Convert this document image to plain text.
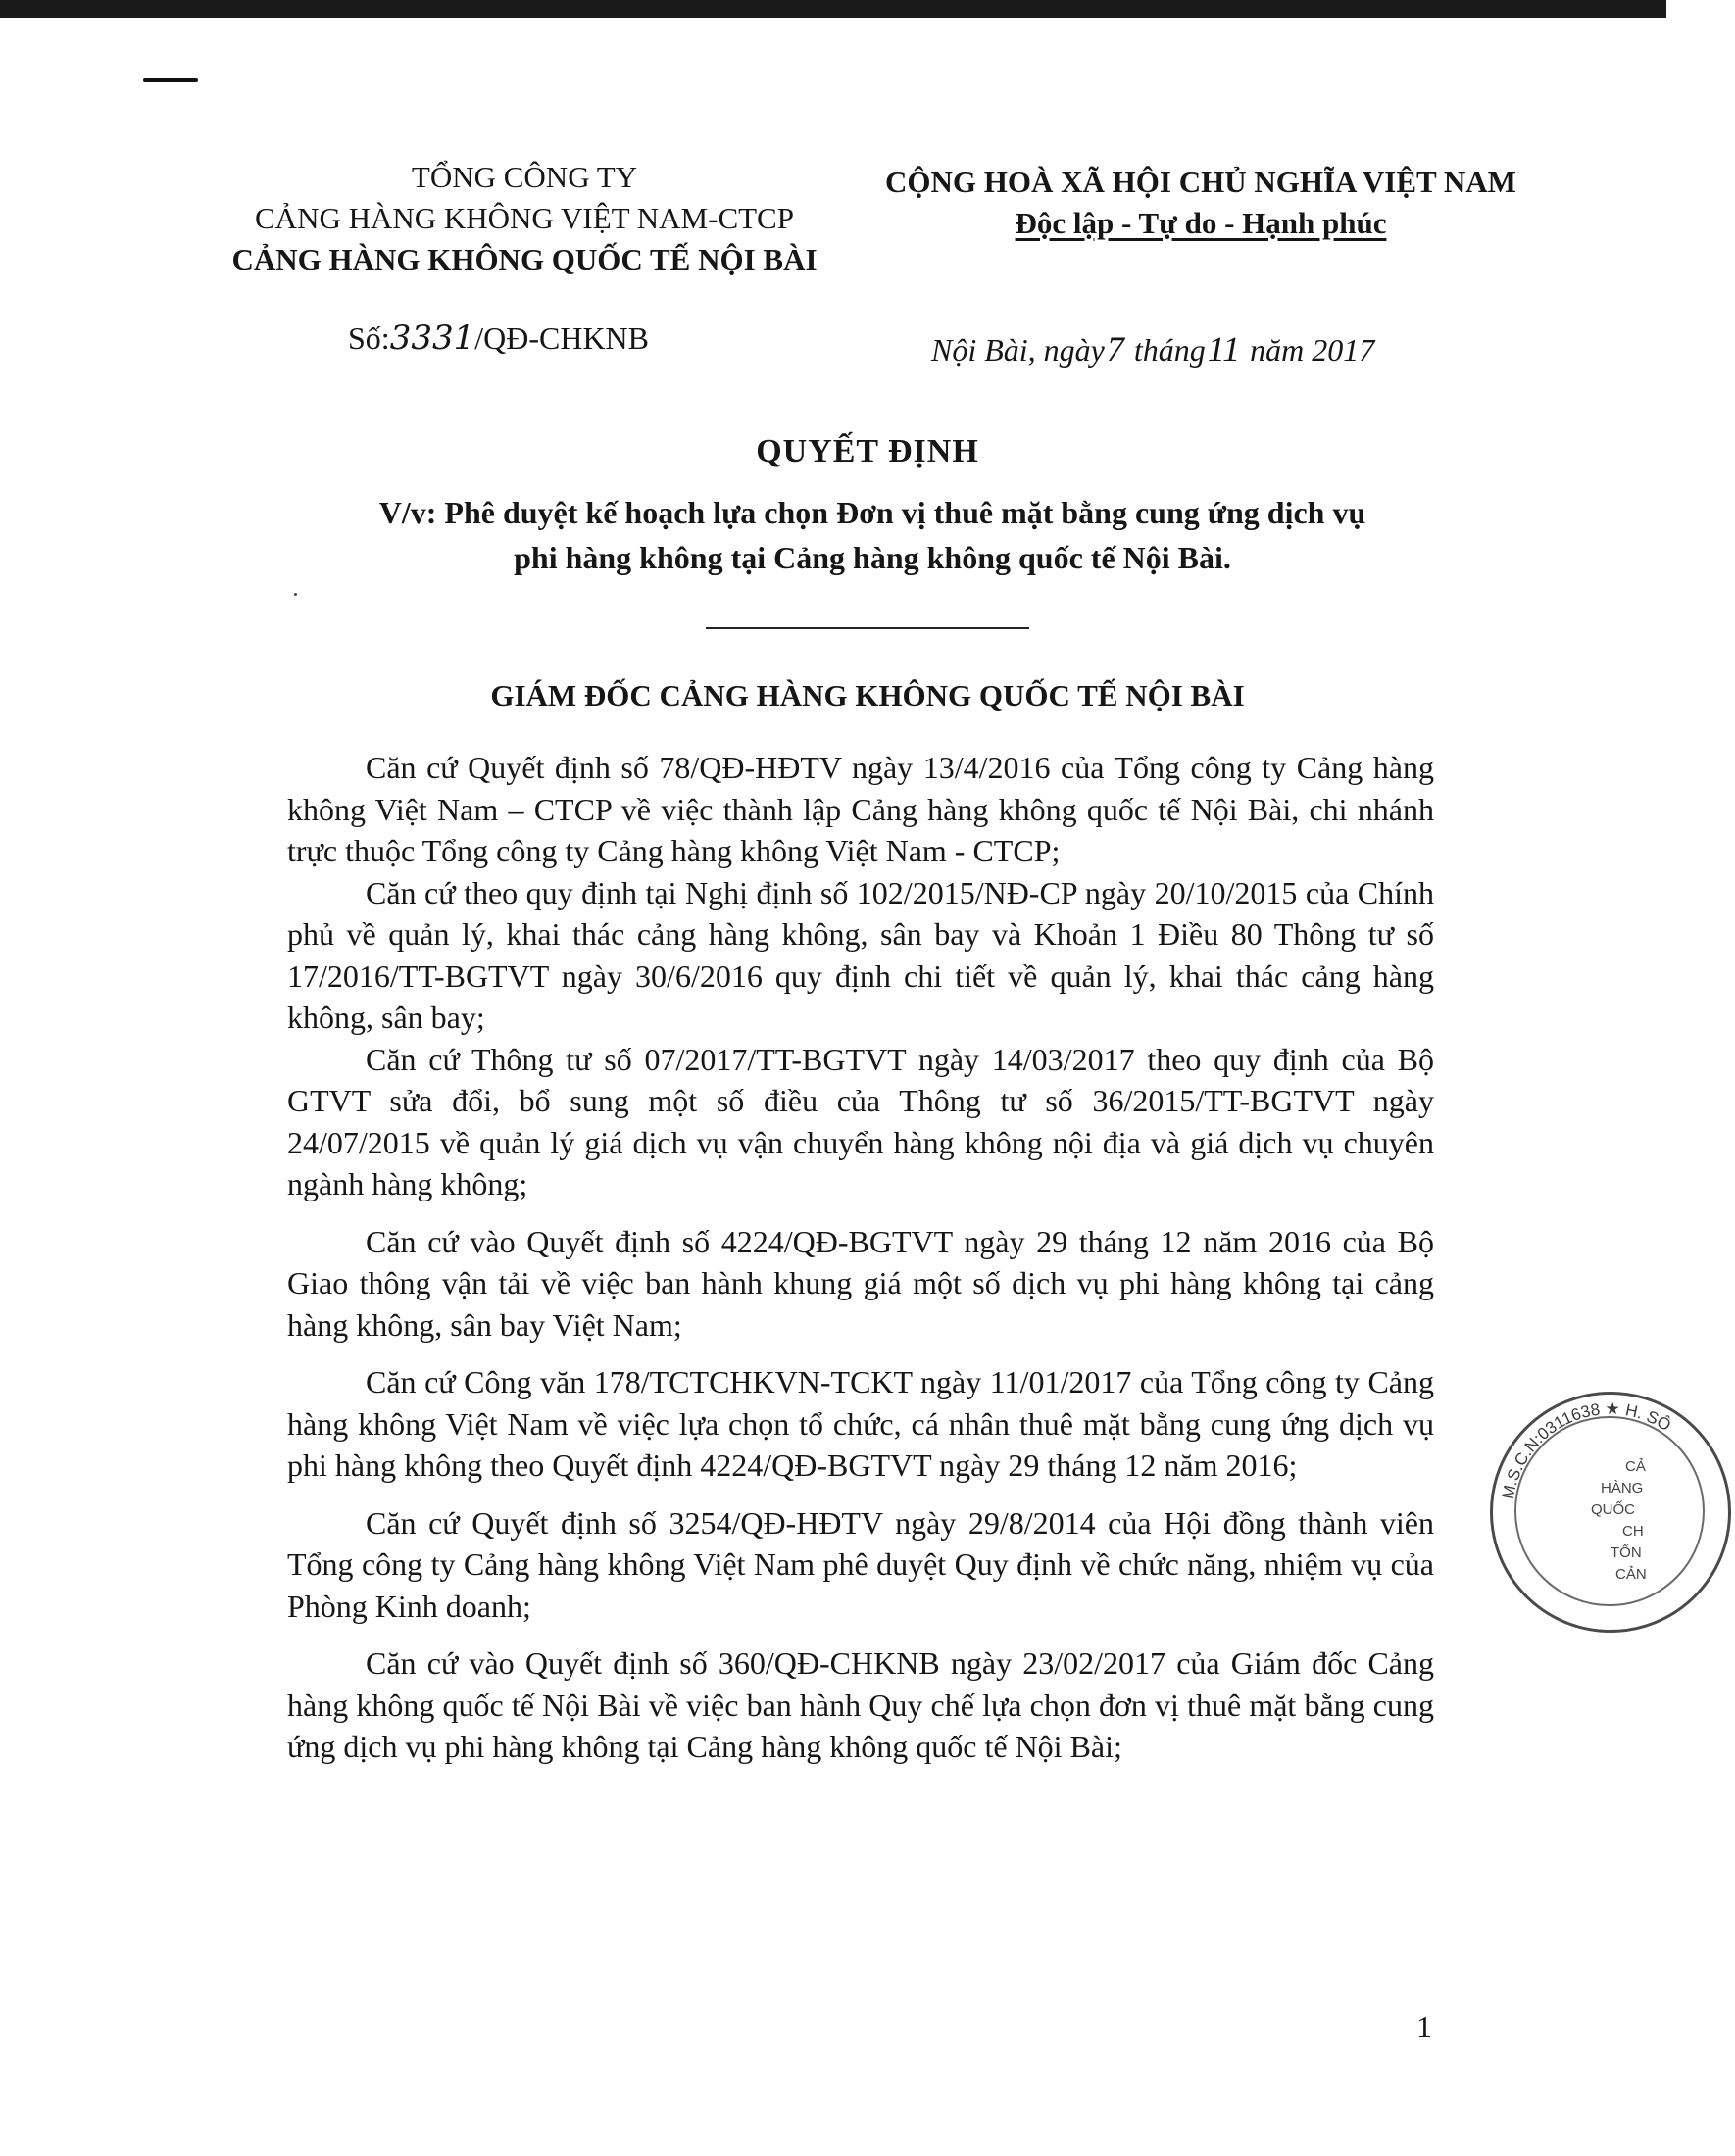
TỔNG CÔNG TY
CẢNG HÀNG KHÔNG VIỆT NAM-CTCP
CẢNG HÀNG KHÔNG QUỐC TẾ NỘI BÀI
CỘNG HOÀ XÃ HỘI CHỦ NGHĨA VIỆT NAM
Độc lập - Tự do - Hạnh phúc
Số:3331/QĐ-CHKNB	Nội Bài, ngày7 tháng11 năm 2017
QUYẾT ĐỊNH
V/v: Phê duyệt kế hoạch lựa chọn Đơn vị thuê mặt bằng cung ứng dịch vụ
phi hàng không tại Cảng hàng không quốc tế Nội Bài.
GIÁM ĐỐC CẢNG HÀNG KHÔNG QUỐC TẾ NỘI BÀI

Căn cứ Quyết định số 78/QĐ-HĐTV ngày 13/4/2016 của Tổng công ty Cảng hàng không Việt Nam – CTCP về việc thành lập Cảng hàng không quốc tế Nội Bài, chi nhánh trực thuộc Tổng công ty Cảng hàng không Việt Nam - CTCP;

Căn cứ theo quy định tại Nghị định số 102/2015/NĐ-CP ngày 20/10/2015 của Chính phủ về quản lý, khai thác cảng hàng không, sân bay và Khoản 1 Điều 80 Thông tư số 17/2016/TT-BGTVT ngày 30/6/2016 quy định chi tiết về quản lý, khai thác cảng hàng không, sân bay;

Căn cứ Thông tư số 07/2017/TT-BGTVT ngày 14/03/2017 theo quy định của Bộ GTVT sửa đổi, bổ sung một số điều của Thông tư số 36/2015/TT-BGTVT ngày 24/07/2015 về quản lý giá dịch vụ vận chuyển hàng không nội địa và giá dịch vụ chuyên ngành hàng không;

Căn cứ vào Quyết định số 4224/QĐ-BGTVT ngày 29 tháng 12 năm 2016 của Bộ Giao thông vận tải về việc ban hành khung giá một số dịch vụ phi hàng không tại cảng hàng không, sân bay Việt Nam;

Căn cứ Công văn 178/TCTCHKVN-TCKT ngày 11/01/2017 của Tổng công ty Cảng hàng không Việt Nam về việc lựa chọn tổ chức, cá nhân thuê mặt bằng cung ứng dịch vụ phi hàng không theo Quyết định 4224/QĐ-BGTVT ngày 29 tháng 12 năm 2016;

Căn cứ Quyết định số 3254/QĐ-HĐTV ngày 29/8/2014 của Hội đồng thành viên Tổng công ty Cảng hàng không Việt Nam phê duyệt Quy định về chức năng, nhiệm vụ của Phòng Kinh doanh;

Căn cứ vào Quyết định số 360/QĐ-CHKNB ngày 23/02/2017 của Giám đốc Cảng hàng không quốc tế Nội Bài về việc ban hành Quy chế lựa chọn đơn vị thuê mặt bằng cung ứng dịch vụ phi hàng không tại Cảng hàng không quốc tế Nội Bài;

M.S.C.N:0311638 ★ H. SÔ
CẢ
HÀNG
QUỐC
CH
TỔN
CẢN
1
